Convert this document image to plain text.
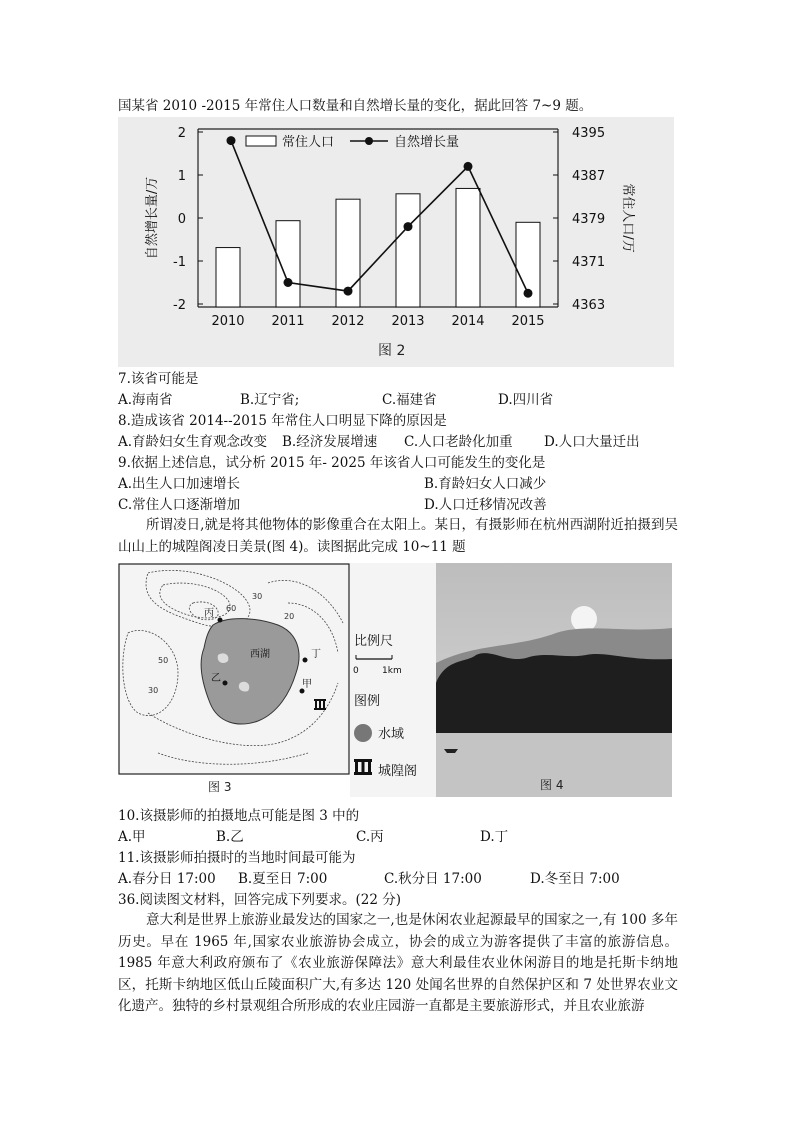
国某省 2010 -2015 年常住人口数量和自然增长量的变化，据此回答 7~9 题。
2
1
0
-1
-2
4395
4387
4379
4371
4363
2010 2011 2012 2013 2014 2015
自然增长量/万	常住人口/万
常住人口	自然增长量
图 2
7.该省可能是
A.海南省	B.辽宁省;	C.福建省	D.四川省
8.造成该省 2014--2015 年常住人口明显下降的原因是
A.育龄妇女生育观念改变 B.经济发展增速 C.人口老龄化加重 D.人口大量迁出
9.依据上述信息，试分析 2015 年- 2025 年该省人口可能发生的变化是
A.出生人口加速增长	B.育龄妇女人口减少
C.常住人口逐渐增加	D.人口迁移情况改善
所谓凌日,就是将其他物体的影像重合在太阳上。某日，有摄影师在杭州西湖附近拍摄到吴山山上的城隍阁凌日美景(图 4)。读图据此完成 10~11 题
西湖
丙
丁
乙
甲
60
30
20
50
30
图 3
比例尺
0	1km
图例
水域
城隍阁
图 4
10.该摄影师的拍摄地点可能是图 3 中的
A.甲	B.乙	C.丙	D.丁
11.该摄影师拍摄时的当地时间最可能为
A.春分日 17:00 B.夏至日 7:00	C.秋分日 17:00	D.冬至日 7:00
36.阅读图文材料，回答完成下列要求。(22 分)
意大利是世界上旅游业最发达的国家之一,也是休闲农业起源最早的国家之一,有 100 多年历史。早在 1965 年,国家农业旅游协会成立，协会的成立为游客提供了丰富的旅游信息。1985 年意大利政府颁布了《农业旅游保障法》意大利最佳农业休闲游目的地是托斯卡纳地区，托斯卡纳地区低山丘陵面积广大,有多达 120 处闻名世界的自然保护区和 7 处世界农业文化遗产。独特的乡村景观组合所形成的农业庄园游一直都是主要旅游形式，并且农业旅游
